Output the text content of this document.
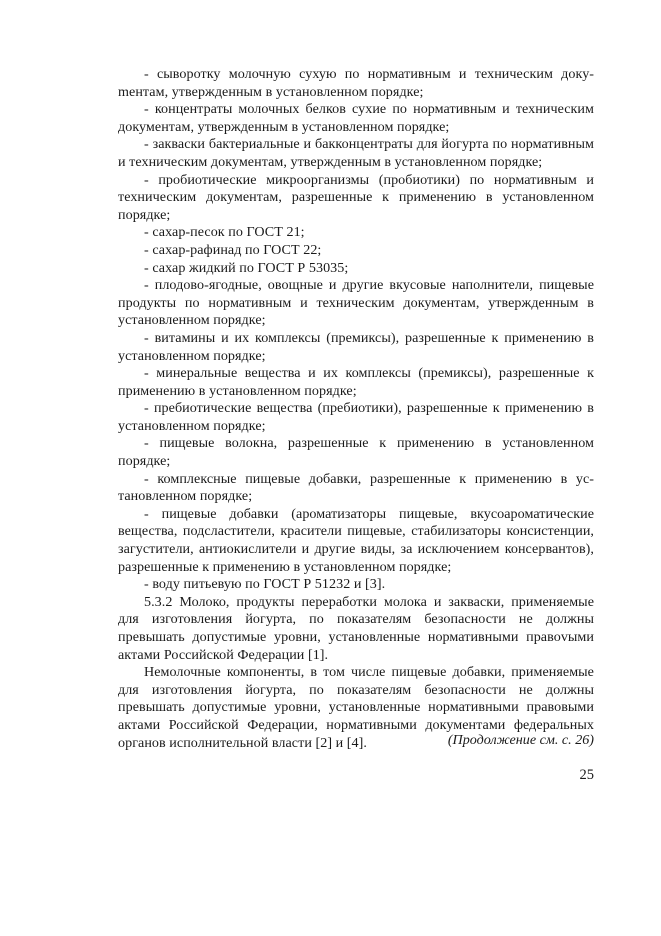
- сыворотку молочную сухую по нормативным и техническим докуmентам, утвержденным в установленном порядке;

- концентраты молочных белков сухие по нормативным и техническим документам, утвержденным в установленном порядке;

- закваски бактериальные и бакконцентраты для йогурта по нормативным и техническим документам, утвержденным в установленном порядке;

- пробиотические микроорганизмы (пробиотики) по нормативным и техническим документам, разрешенные к применению в установленном порядке;

- сахар-песок по ГОСТ 21;

- сахар-рафинад по ГОСТ 22;

- сахар жидкий по ГОСТ Р 53035;

- плодово-ягодные, овощные и другие вкусовые наполнители, пищевые продукты по нормативным и техническим документам, утвержденным в установленном порядке;

- витамины и их комплексы (премиксы), разрешенные к применению в установленном порядке;

- минеральные вещества и их комплексы (премиксы), разрешенные к применению в установленном порядке;

- пребиотические вещества (пребиотики), разрешенные к применению в установленном порядке;

- пищевые волокна, разрешенные к применению в установленном порядке;

- комплексные пищевые добавки, разрешенные к применению в установленном порядке;

- пищевые добавки (ароматизаторы пищевые, вкусоароматические вещества, подсластители, красители пищевые, стабилизаторы консистенции, загустители, антиокислители и другие виды, за исключением консервантов), разрешенные к применению в установленном порядке;

- воду питьевую по ГОСТ Р 51232 и [3].

5.3.2 Молоко, продукты переработки молока и закваски, применяемые для изготовления йогурта, по показателям безопасности не должны превышать допустимые уровни, установленные нормативными правоvыми актами Российской Федерации [1].

Немолочные компоненты, в том числе пищевые добавки, применяемые для изготовления йогурта, по показателям безопасности не должны превышать допустимые уровни, установленные нормативными правовыми актами Российской Федерации, нормативными документами федеральных органов исполнительной власти [2] и [4].	(Продолжение см. с. 26)
25
